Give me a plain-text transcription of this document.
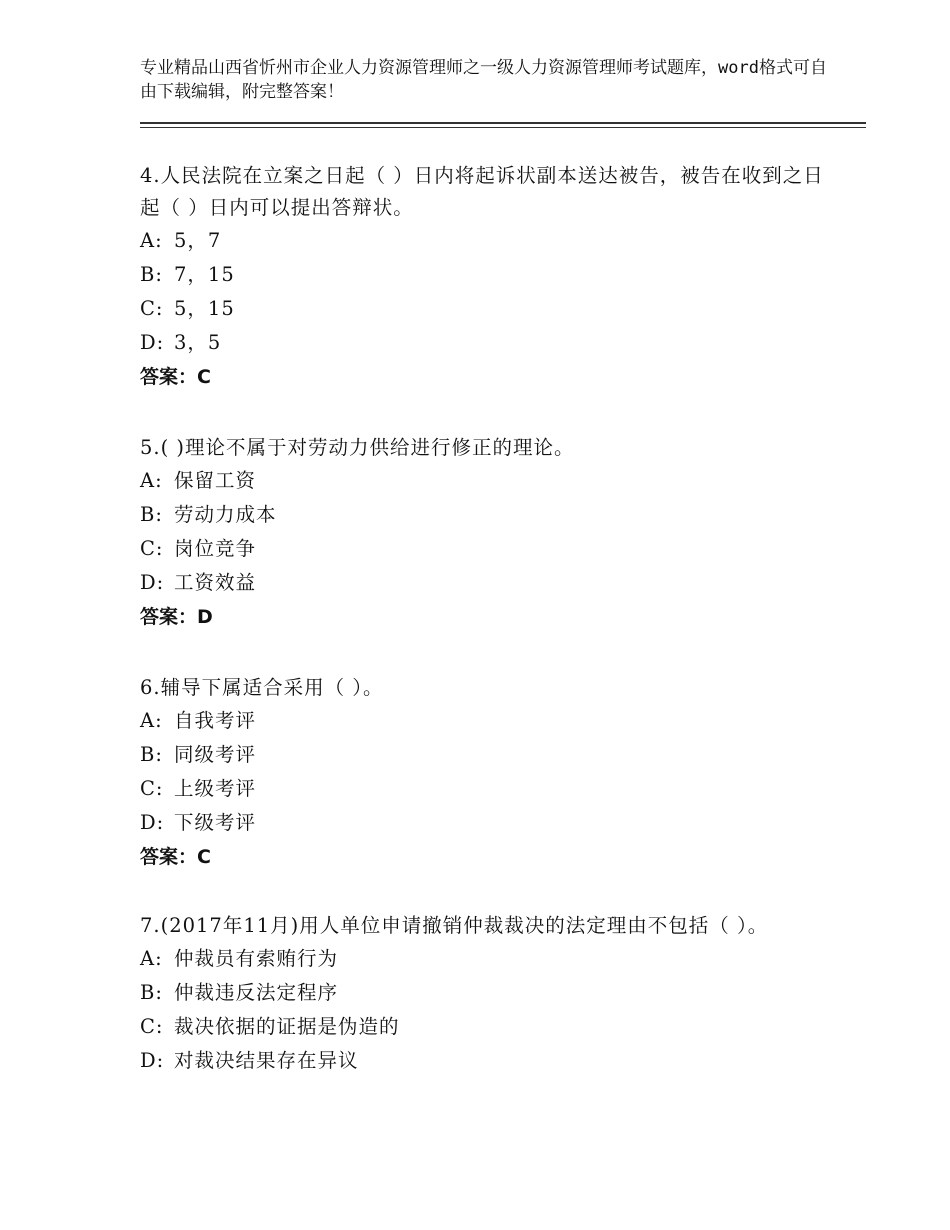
专业精品山西省忻州市企业人力资源管理师之一级人力资源管理师考试题库，word格式可自由下载编辑，附完整答案！

4.人民法院在立案之日起（ ）日内将起诉状副本送达被告，被告在收到之日起（ ）日内可以提出答辩状。

A: 5，7

B: 7，15

C: 5，15

D: 3，5

答案：C

5.( )理论不属于对劳动力供给进行修正的理论。

A: 保留工资

B: 劳动力成本

C: 岗位竞争

D: 工资效益

答案：D

6.辅导下属适合采用（ ）。

A: 自我考评

B: 同级考评

C: 上级考评

D: 下级考评

答案：C

7.(2017年11月)用人单位申请撤销仲裁裁决的法定理由不包括（ ）。

A: 仲裁员有索贿行为

B: 仲裁违反法定程序

C: 裁决依据的证据是伪造的

D: 对裁决结果存在异议
